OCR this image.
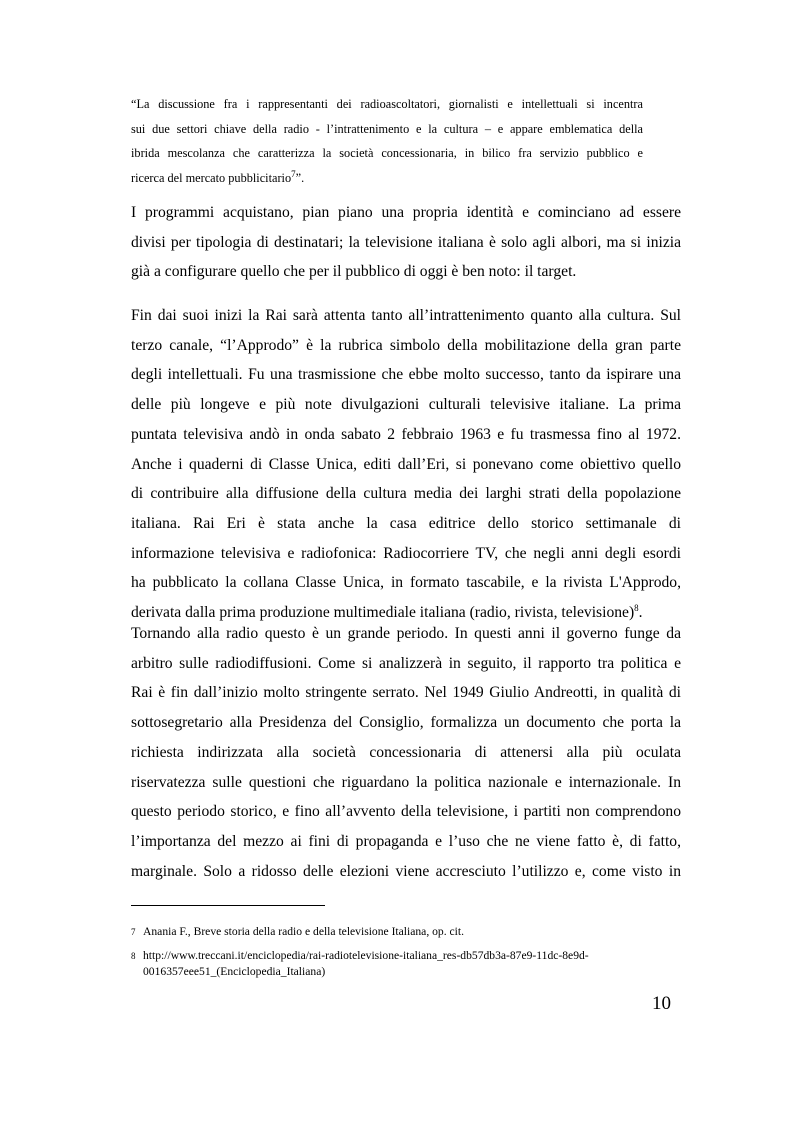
“La discussione fra i rappresentanti dei radioascoltatori, giornalisti e intellettuali si incentra
sui due settori chiave della radio - l’intrattenimento e la cultura – e appare emblematica della
ibrida mescolanza che caratterizza la società concessionaria, in bilico fra servizio pubblico e
ricerca del mercato pubblicitario$^7$”.
I programmi acquistano, pian piano una propria identità e cominciano ad essere
divisi per tipologia di destinatari; la televisione italiana è solo agli albori, ma si inizia
già a configurare quello che per il pubblico di oggi è ben noto: il target.
Fin dai suoi inizi la Rai sarà attenta tanto all’intrattenimento quanto alla cultura. Sul
terzo canale, “l’Approdo” è la rubrica simbolo della mobilitazione della gran parte
degli intellettuali. Fu una trasmissione che ebbe molto successo, tanto da ispirare una
delle più longeve e più note divulgazioni culturali televisive italiane. La prima
puntata televisiva andò in onda sabato 2 febbraio 1963 e fu trasmessa fino al 1972.
Anche i quaderni di Classe Unica, editi dall’Eri, si ponevano come obiettivo quello
di contribuire alla diffusione della cultura media dei larghi strati della popolazione
italiana. Rai Eri è stata anche la casa editrice dello storico settimanale di
informazione televisiva e radiofonica: Radiocorriere TV, che negli anni degli esordi
ha pubblicato la collana Classe Unica, in formato tascabile, e la rivista L'Approdo,
derivata dalla prima produzione multimediale italiana (radio, rivista, televisione)$^8$.
Tornando alla radio questo è un grande periodo. In questi anni il governo funge da
arbitro sulle radiodiffusioni. Come si analizzerà in seguito, il rapporto tra politica e
Rai è fin dall’inizio molto stringente serrato. Nel 1949 Giulio Andreotti, in qualità di
sottosegretario alla Presidenza del Consiglio, formalizza un documento che porta la
richiesta indirizzata alla società concessionaria di attenersi alla più oculata
riservatezza sulle questioni che riguardano la politica nazionale e internazionale. In
questo periodo storico, e fino all’avvento della televisione, i partiti non comprendono
l’importanza del mezzo ai fini di propaganda e l’uso che ne viene fatto è, di fatto,
marginale. Solo a ridosso delle elezioni viene accresciuto l’utilizzo e, come visto in
7 Anania F., Breve storia della radio e della televisione Italiana, op. cit.
8 http://www.treccani.it/enciclopedia/rai-radiotelevisione-italiana_res-db57db3a-87e9-11dc-8e9d-0016357eee51_(Enciclopedia_Italiana)
10
